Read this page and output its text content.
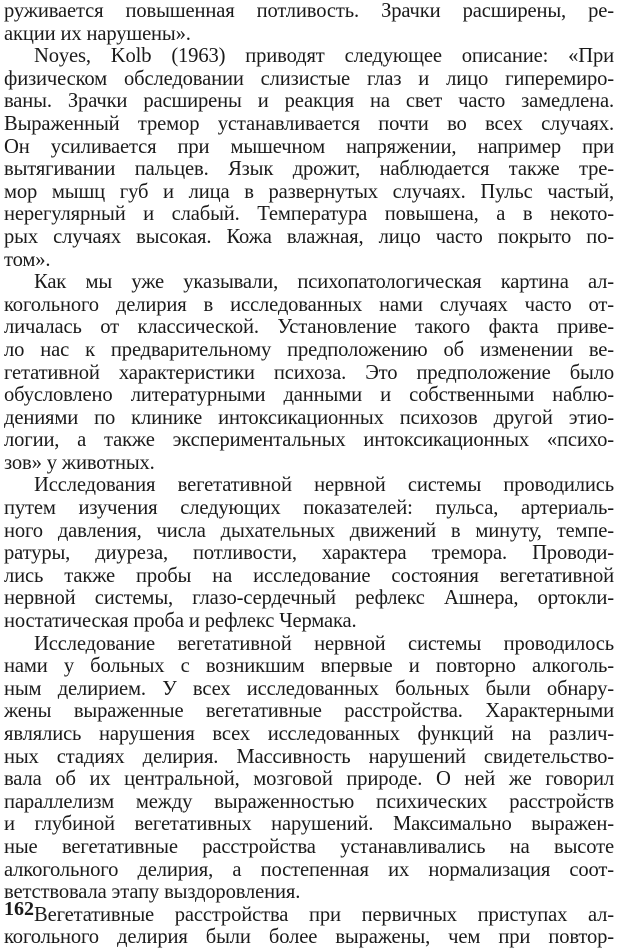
руживается повышенная потливость. Зрачки расширены, ре-
акции их нарушены».
Noyes, Kolb (1963) приводят следующее описание: «При
физическом обследовании слизистые глаз и лицо гиперемиро-
ваны. Зрачки расширены и реакция на свет часто замедлена.
Выраженный тремор устанавливается почти во всех случаях.
Он усиливается при мышечном напряжении, например при
вытягивании пальцев. Язык дрожит, наблюдается также тре-
мор мышц губ и лица в развернутых случаях. Пульс частый,
нерегулярный и слабый. Температура повышена, а в некото-
рых случаях высокая. Кожа влажная, лицо часто покрыто по-
том».
Как мы уже указывали, психопатологическая картина ал-
когольного делирия в исследованных нами случаях часто от-
личалась от классической. Установление такого факта приве-
ло нас к предварительному предположению об изменении ве-
гетативной характеристики психоза. Это предположение было
обусловлено литературными данными и собственными наблю-
дениями по клинике интоксикационных психозов другой этио-
логии, а также экспериментальных интоксикационных «психо-
зов» у животных.
Исследования вегетативной нервной системы проводились
путем изучения следующих показателей: пульса, артериаль-
ного давления, числа дыхательных движений в минуту, темпе-
ратуры, диуреза, потливости, характера тремора. Проводи-
лись также пробы на исследование состояния вегетативной
нервной системы, глазо-сердечный рефлекс Ашнера, ортокли-
ностатическая проба и рефлекс Чермака.
Исследование вегетативной нервной системы проводилось
нами у больных с возникшим впервые и повторно алкоголь-
ным делирием. У всех исследованных больных были обнару-
жены выраженные вегетативные расстройства. Характерными
являлись нарушения всех исследованных функций на различ-
ных стадиях делирия. Массивность нарушений свидетельство-
вала об их центральной, мозговой природе. О ней же говорил
параллелизм между выраженностью психических расстройств
и глубиной вегетативных нарушений. Максимально выражен-
ные вегетативные расстройства устанавливались на высоте
алкогольного делирия, а постепенная их нормализация соот-
ветствовала этапу выздоровления.
Вегетативные расстройства при первичных приступах ал-
когольного делирия были более выражены, чем при повтор-
162
